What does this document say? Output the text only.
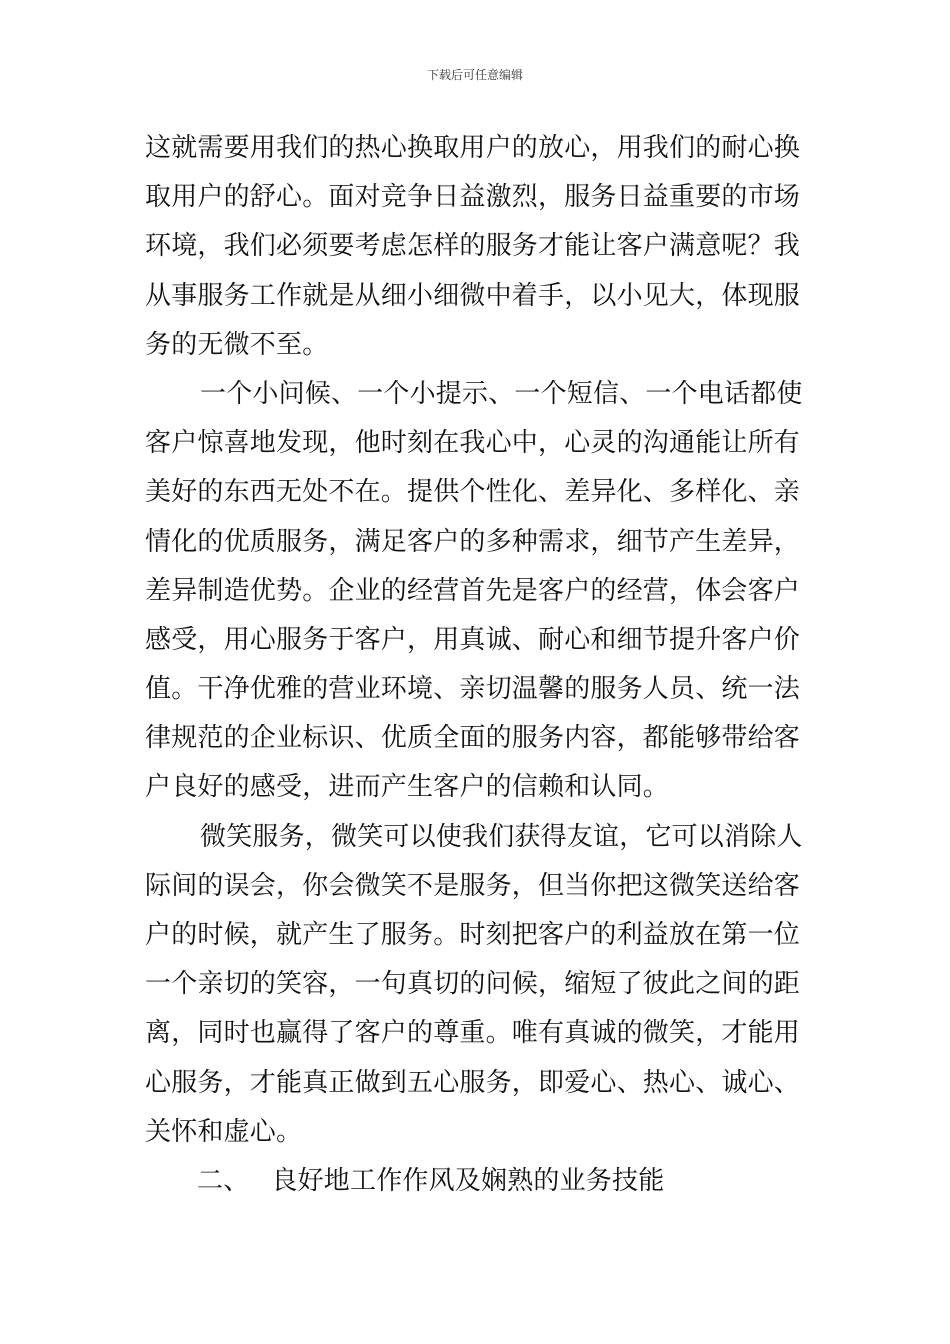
下载后可任意编辑
这就需要用我们的热心换取用户的放心，用我们的耐心换
取用户的舒心。面对竞争日益激烈，服务日益重要的市场
环境，我们必须要考虑怎样的服务才能让客户满意呢？我
从事服务工作就是从细小细微中着手，以小见大，体现服
务的无微不至。
一个小问候、一个小提示、一个短信、一个电话都使
客户惊喜地发现，他时刻在我心中，心灵的沟通能让所有
美好的东西无处不在。提供个性化、差异化、多样化、亲
情化的优质服务，满足客户的多种需求，细节产生差异，
差异制造优势。企业的经营首先是客户的经营，体会客户
感受，用心服务于客户，用真诚、耐心和细节提升客户价
值。干净优雅的营业环境、亲切温馨的服务人员、统一法
律规范的企业标识、优质全面的服务内容，都能够带给客
户良好的感受，进而产生客户的信赖和认同。
微笑服务，微笑可以使我们获得友谊，它可以消除人
际间的误会，你会微笑不是服务，但当你把这微笑送给客
户的时候，就产生了服务。时刻把客户的利益放在第一位
一个亲切的笑容，一句真切的问候，缩短了彼此之间的距
离，同时也赢得了客户的尊重。唯有真诚的微笑，才能用
心服务，才能真正做到五心服务，即爱心、热心、诚心、
关怀和虚心。
二、 良好地工作作风及娴熟的业务技能
